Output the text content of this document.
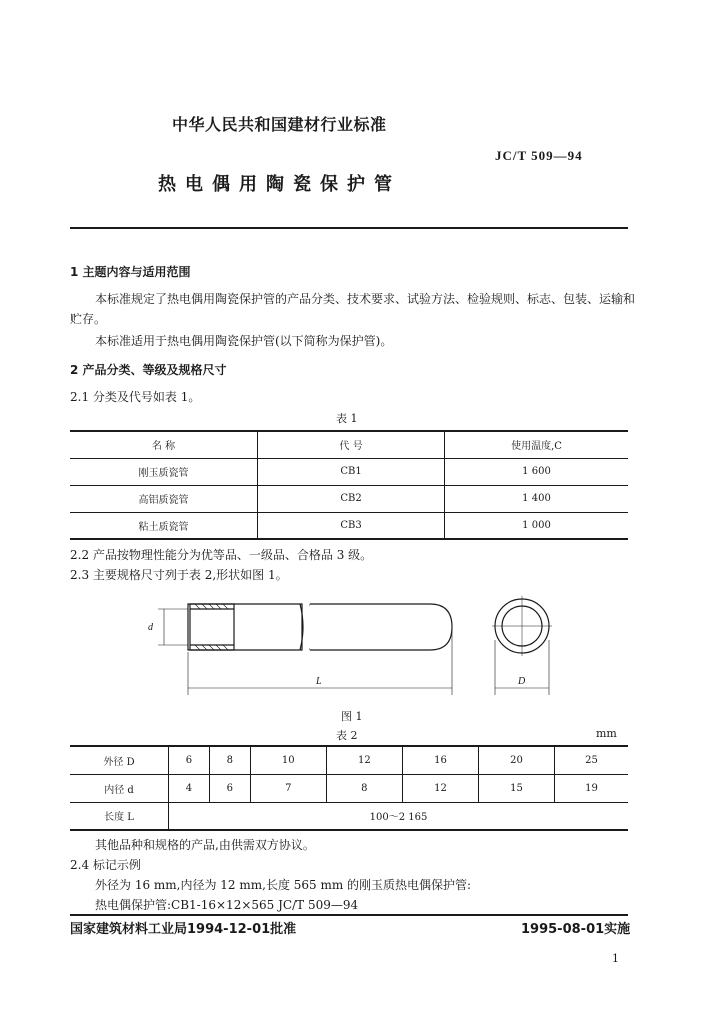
中华人民共和国建材行业标准
JC/T 509—94
热电偶用陶瓷保护管
1 主题内容与适用范围
本标准规定了热电偶用陶瓷保护管的产品分类、技术要求、试验方法、检验规则、标志、包装、运输和
贮存。
本标准适用于热电偶用陶瓷保护管(以下简称为保护管)。
2 产品分类、等级及规格尺寸
2.1 分类及代号如表 1。
表 1
名 称	代 号	使用温度,C
刚玉质瓷管	CB1	1 600
高铝质瓷管	CB2	1 400
粘土质瓷管	CB3	1 000
2.2 产品按物理性能分为优等品、一级品、合格品 3 级。
2.3 主要规格尺寸列于表 2,形状如图 1。
d
L	D
图 1
表 2	mm
外径 D	6	8	10	12	16	20	25
内径 d	4	6	7	8	12	15	19
长度 L	100～2 165						
其他品种和规格的产品,由供需双方协议。
2.4 标记示例
外径为 16 mm,内径为 12 mm,长度 565 mm 的刚玉质热电偶保护管:
热电偶保护管:CB1-16×12×565 JC/T 509—94
国家建筑材料工业局1994-12-01批准	1995-08-01实施
1
